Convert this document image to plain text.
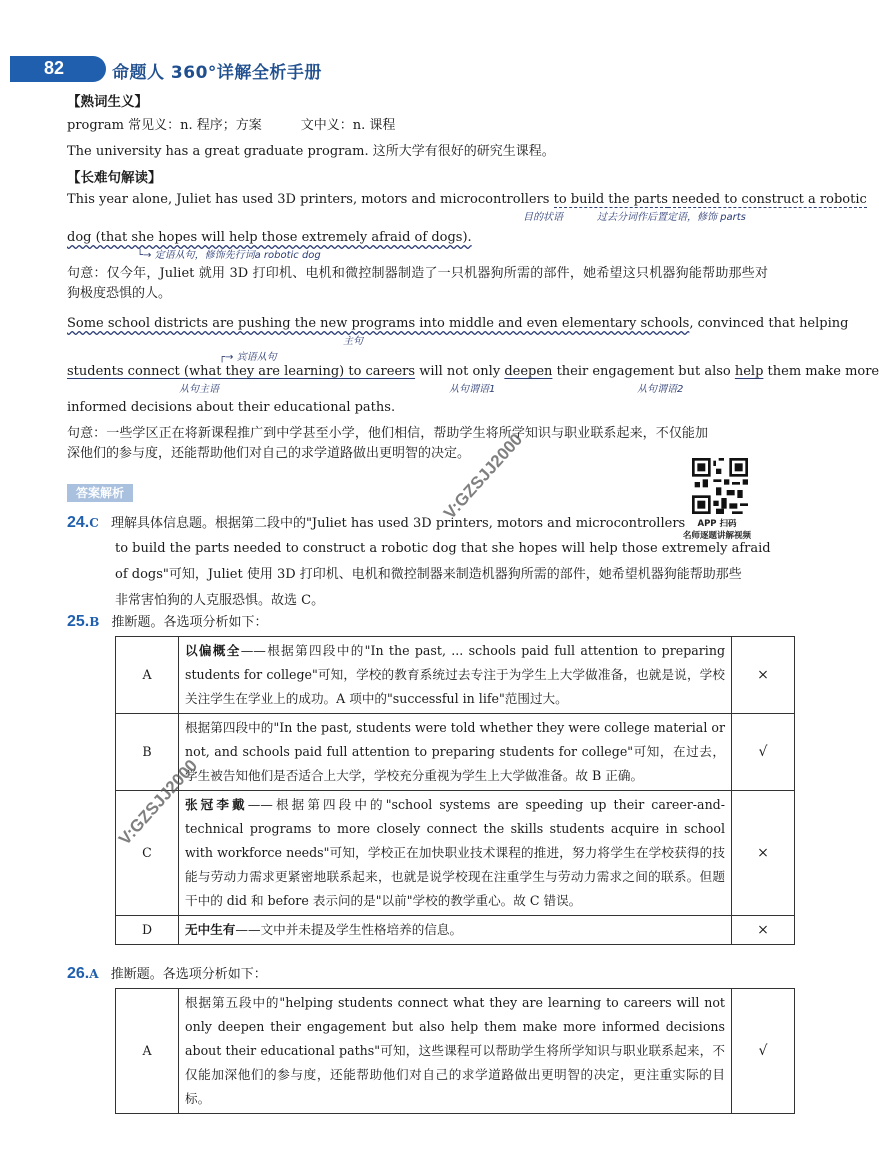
82	命题人 360°详解全析手册
【熟词生义】
program 常见义：n. 程序；方案　　　文中义：n. 课程
The university has a great graduate program. 这所大学有很好的研究生课程。
【长难句解读】
This year alone, Juliet has used 3D printers, motors and microcontrollers to build the parts needed to construct a robotic
目的状语	过去分词作后置定语，修饰 parts
dog (that she hopes will help those extremely afraid of dogs).
└→ 定语从句，修饰先行词a robotic dog
句意：仅今年，Juliet 就用 3D 打印机、电机和微控制器制造了一只机器狗所需的部件，她希望这只机器狗能帮助那些对狗极度恐惧的人。
Some school districts are pushing the new programs into middle and even elementary schools, convinced that helping
主句
┌→ 宾语从句
students connect (what they are learning) to careers will not only deepen their engagement but also help them make more
从句主语	从句谓语1	从句谓语2
informed decisions about their educational paths.
句意：一些学区正在将新课程推广到中学甚至小学，他们相信，帮助学生将所学知识与职业联系起来，不仅能加深他们的参与度，还能帮助他们对自己的求学道路做出更明智的决定。
答案解析
APP 扫码
名师逐题讲解视频
24.C 理解具体信息题。根据第二段中的"Juliet has used 3D printers, motors and microcontrollers
to build the parts needed to construct a robotic dog that she hopes will help those extremely afraid
of dogs"可知，Juliet 使用 3D 打印机、电机和微控制器来制造机器狗所需的部件，她希望机器狗能帮助那些
非常害怕狗的人克服恐惧。故选 C。
25.B 推断题。各选项分析如下：
A	以偏概全——根据第四段中的"In the past, ... schools paid full attention to preparing students for college"可知，学校的教育系统过去专注于为学生上大学做准备，也就是说，学校关注学生在学业上的成功。A 项中的"successful in life"范围过大。	×
B	根据第四段中的"In the past, students were told whether they were college material or not, and schools paid full attention to preparing students for college"可知，在过去，学生被告知他们是否适合上大学，学校充分重视为学生上大学做准备。故 B 正确。	√
C	张冠李戴——根据第四段中的"school systems are speeding up their career-and-technical programs to more closely connect the skills students acquire in school with workforce needs"可知，学校正在加快职业技术课程的推进，努力将学生在学校获得的技能与劳动力需求更紧密地联系起来，也就是说学校现在注重学生与劳动力需求之间的联系。但题干中的 did 和 before 表示问的是"以前"学校的教学重心。故 C 错误。	×
D	无中生有——文中并未提及学生性格培养的信息。	×
26.A 推断题。各选项分析如下：
A	根据第五段中的"helping students connect what they are learning to careers will not only deepen their engagement but also help them make more informed decisions about their educational paths"可知，这些课程可以帮助学生将所学知识与职业联系起来，不仅能加深他们的参与度，还能帮助他们对自己的求学道路做出更明智的决定，更注重实际的目标。	√
V:GZSJJ2000
V:GZSJJ2000
